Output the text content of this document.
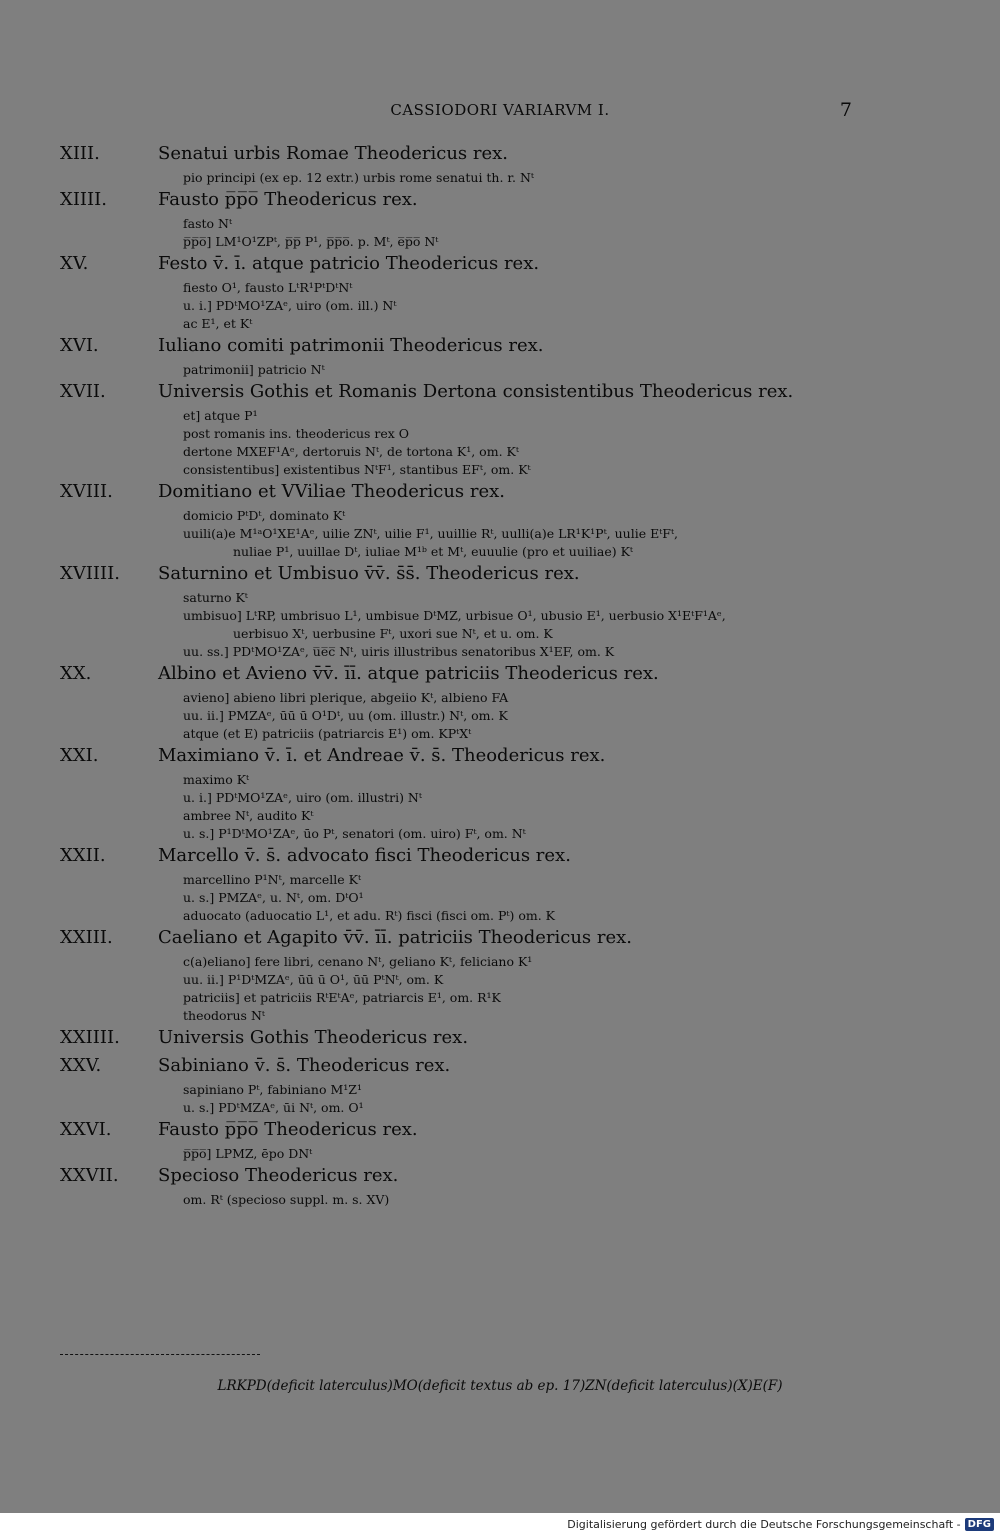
CASSIODORI VARIARVM I.	7
XIII.	Senatui urbis Romae Theodericus rex.
pio principi (ex ep. 12 extr.) urbis rome senatui th. r. Nᵗ
XIIII.	Fausto p̅p̅o̅ Theodericus rex.
fasto Nᵗ
p̅p̅o̅] LM¹O¹ZPᵗ, p̅p̅ P¹, p̅p̅o̅. p. Mᵗ, e̅p̅o̅ Nᵗ
XV.	Festo v̄. ī. atque patricio Theodericus rex.
fiesto O¹, fausto LᵗR¹PᵗDᵗNᵗ
u. i.] PDᵗMO¹ZAᵉ, uiro (om. ill.) Nᵗ
ac E¹, et Kᵗ
XVI.	Iuliano comiti patrimonii Theodericus rex.
patrimonii] patricio Nᵗ
XVII.	Universis Gothis et Romanis Dertona consistentibus Theodericus rex.
et] atque P¹
post romanis ins. theodericus rex O
dertone MXEF¹Aᵉ, dertoruis Nᵗ, de tortona K¹, om. Kᵗ
consistentibus] existentibus NᵗF¹, stantibus EFᵗ, om. Kᵗ
XVIII.	Domitiano et VViliae Theodericus rex.
domicio PᵗDᵗ, dominato Kᵗ
uuili(a)e M¹ᵃO¹XE¹Aᵉ, uilie ZNᵗ, uilie F¹, uuillie Rᵗ, uulli(a)e LR¹K¹Pᵗ, uulie EᵗFᵗ,
nuliae P¹, uuillae Dᵗ, iuliae M¹ᵇ et Mᵗ, euuulie (pro et uuiliae) Kᵗ
XVIIII.	Saturnino et Umbisuo v̄v̄. s̄s̄. Theodericus rex.
saturno Kᵗ
umbisuo] LᵗRP, umbrisuo L¹, umbisue DᵗMZ, urbisue O¹, ubusio E¹, uerbusio X¹EᵗF¹Aᵉ,
uerbisuo Xᵗ, uerbusine Fᵗ, uxori sue Nᵗ, et u. om. K
uu. ss.] PDᵗMO¹ZAᵉ, u̅e̅c̅ Nᵗ, uiris illustribus senatoribus X¹EF, om. K
XX.	Albino et Avieno v̄v̄. īī. atque patriciis Theodericus rex.
avieno] abieno libri plerique, abgeiio Kᵗ, albieno FA
uu. ii.] PMZAᵉ, ūū ū O¹Dᵗ, uu (om. illustr.) Nᵗ, om. K
atque (et E) patriciis (patriarcis E¹) om. KPᵗXᵗ
XXI.	Maximiano v̄. ī. et Andreae v̄. s̄. Theodericus rex.
maximo Kᵗ
u. i.] PDᵗMO¹ZAᵉ, uiro (om. illustri) Nᵗ
ambree Nᵗ, audito Kᵗ
u. s.] P¹DᵗMO¹ZAᵉ, ūo Pᵗ, senatori (om. uiro) Fᵗ, om. Nᵗ
XXII.	Marcello v̄. s̄. advocato fisci Theodericus rex.
marcellino P¹Nᵗ, marcelle Kᵗ
u. s.] PMZAᵉ, u. Nᵗ, om. DᵗO¹
aduocato (aduocatio L¹, et adu. Rᵗ) fisci (fisci om. Pᵗ) om. K
XXIII.	Caeliano et Agapito v̄v̄. īī. patriciis Theodericus rex.
c(a)eliano] fere libri, cenano Nᵗ, geliano Kᵗ, feliciano K¹
uu. ii.] P¹DᵗMZAᵉ, ūū ū O¹, ūū PᵗNᵗ, om. K
patriciis] et patriciis RᵗEᵗAᵉ, patriarcis E¹, om. R¹K
theodorus Nᵗ
XXIIII.	Universis Gothis Theodericus rex.
XXV.	Sabiniano v̄. s̄. Theodericus rex.
sapiniano Pᵗ, fabiniano M¹Z¹
u. s.] PDᵗMZAᵉ, ūi Nᵗ, om. O¹
XXVI.	Fausto p̅p̅o̅ Theodericus rex.
p̅p̅o̅] LPMZ, ēpo DNᵗ
XXVII.	Specioso Theodericus rex.
om. Rᵗ (specioso suppl. m. s. XV)
LRKPD(deficit laterculus)MO(deficit textus ab ep. 17)ZN(deficit laterculus)(X)E(F)
Digitalisierung gefördert durch die Deutsche Forschungsgemeinschaft - DFG
